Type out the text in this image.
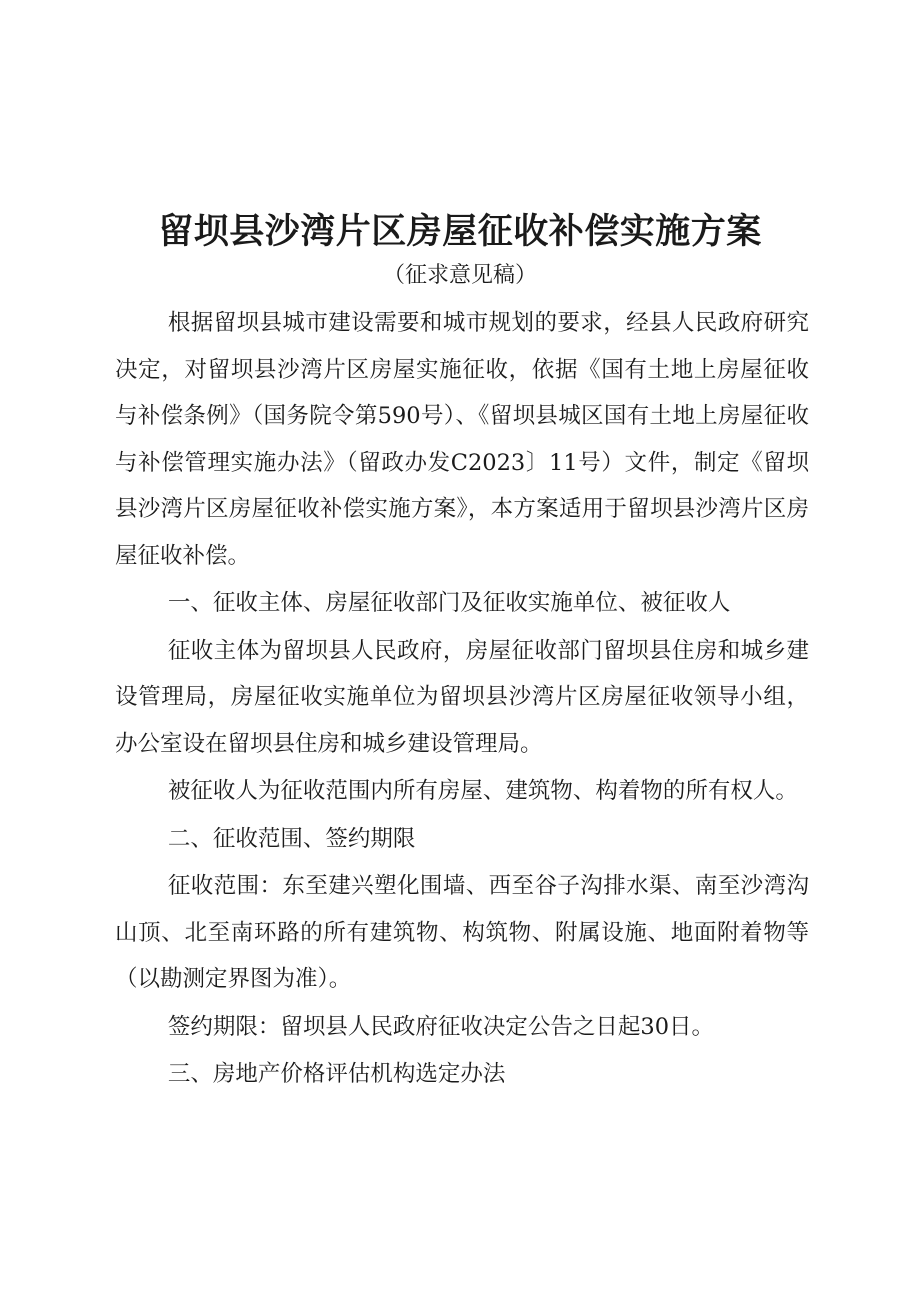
留坝县沙湾片区房屋征收补偿实施方案
（征求意见稿）

根据留坝县城市建设需要和城市规划的要求，经县人民政府研究决定，对留坝县沙湾片区房屋实施征收，依据《国有土地上房屋征收与补偿条例》（国务院令第590号）、《留坝县城区国有土地上房屋征收与补偿管理实施办法》（留政办发C2023〕11号）文件，制定《留坝县沙湾片区房屋征收补偿实施方案》，本方案适用于留坝县沙湾片区房屋征收补偿。

一、征收主体、房屋征收部门及征收实施单位、被征收人

征收主体为留坝县人民政府，房屋征收部门留坝县住房和城乡建设管理局，房屋征收实施单位为留坝县沙湾片区房屋征收领导小组，办公室设在留坝县住房和城乡建设管理局。

被征收人为征收范围内所有房屋、建筑物、构着物的所有权人。

二、征收范围、签约期限

征收范围：东至建兴塑化围墙、西至谷子沟排水渠、南至沙湾沟山顶、北至南环路的所有建筑物、构筑物、附属设施、地面附着物等（以勘测定界图为准）。

签约期限：留坝县人民政府征收决定公告之日起30日。

三、房地产价格评估机构选定办法
